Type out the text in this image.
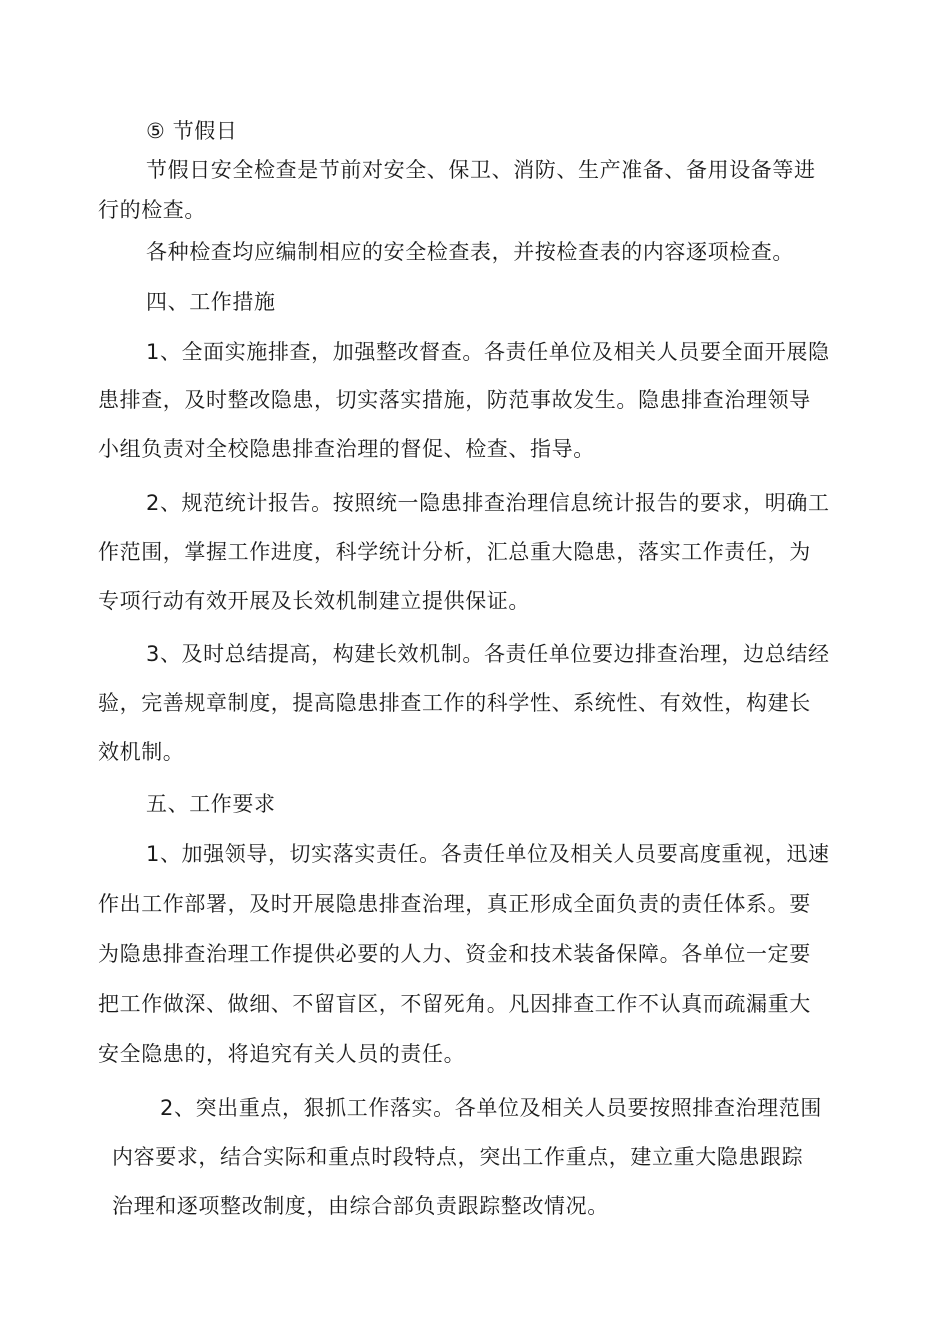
⑤ 节假日
节假日安全检查是节前对安全、保卫、消防、生产准备、备用设备等进
行的检查。
各种检查均应编制相应的安全检查表，并按检查表的内容逐项检查。
四、工作措施
1、全面实施排查，加强整改督查。各责任单位及相关人员要全面开展隐
患排查，及时整改隐患，切实落实措施，防范事故发生。隐患排查治理领导
小组负责对全校隐患排查治理的督促、检查、指导。
2、规范统计报告。按照统一隐患排查治理信息统计报告的要求，明确工
作范围，掌握工作进度，科学统计分析，汇总重大隐患，落实工作责任，为
专项行动有效开展及长效机制建立提供保证。
3、及时总结提高，构建长效机制。各责任单位要边排查治理，边总结经
验，完善规章制度，提高隐患排查工作的科学性、系统性、有效性，构建长
效机制。
五、工作要求
1、加强领导，切实落实责任。各责任单位及相关人员要高度重视，迅速
作出工作部署，及时开展隐患排查治理，真正形成全面负责的责任体系。要
为隐患排查治理工作提供必要的人力、资金和技术装备保障。各单位一定要
把工作做深、做细、不留盲区，不留死角。凡因排查工作不认真而疏漏重大
安全隐患的，将追究有关人员的责任。
2、突出重点，狠抓工作落实。各单位及相关人员要按照排查治理范围
内容要求，结合实际和重点时段特点，突出工作重点，建立重大隐患跟踪
治理和逐项整改制度，由综合部负责跟踪整改情况。
